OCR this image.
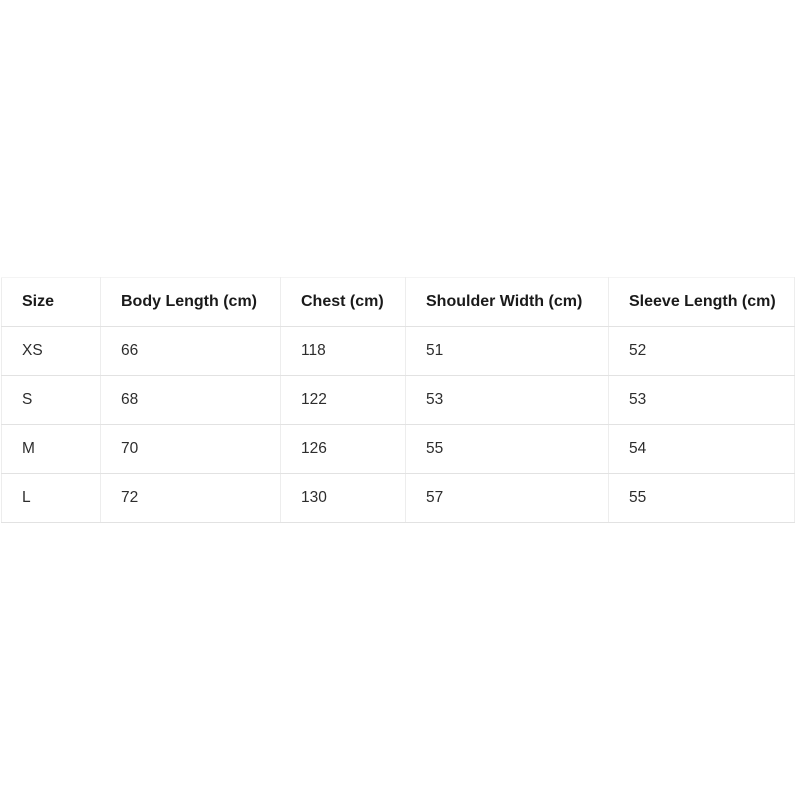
Size	Body Length (cm)	Chest (cm)	Shoulder Width (cm)	Sleeve Length (cm)
XS	66	118	51	52
S	68	122	53	53
M	70	126	55	54
L	72	130	57	55
